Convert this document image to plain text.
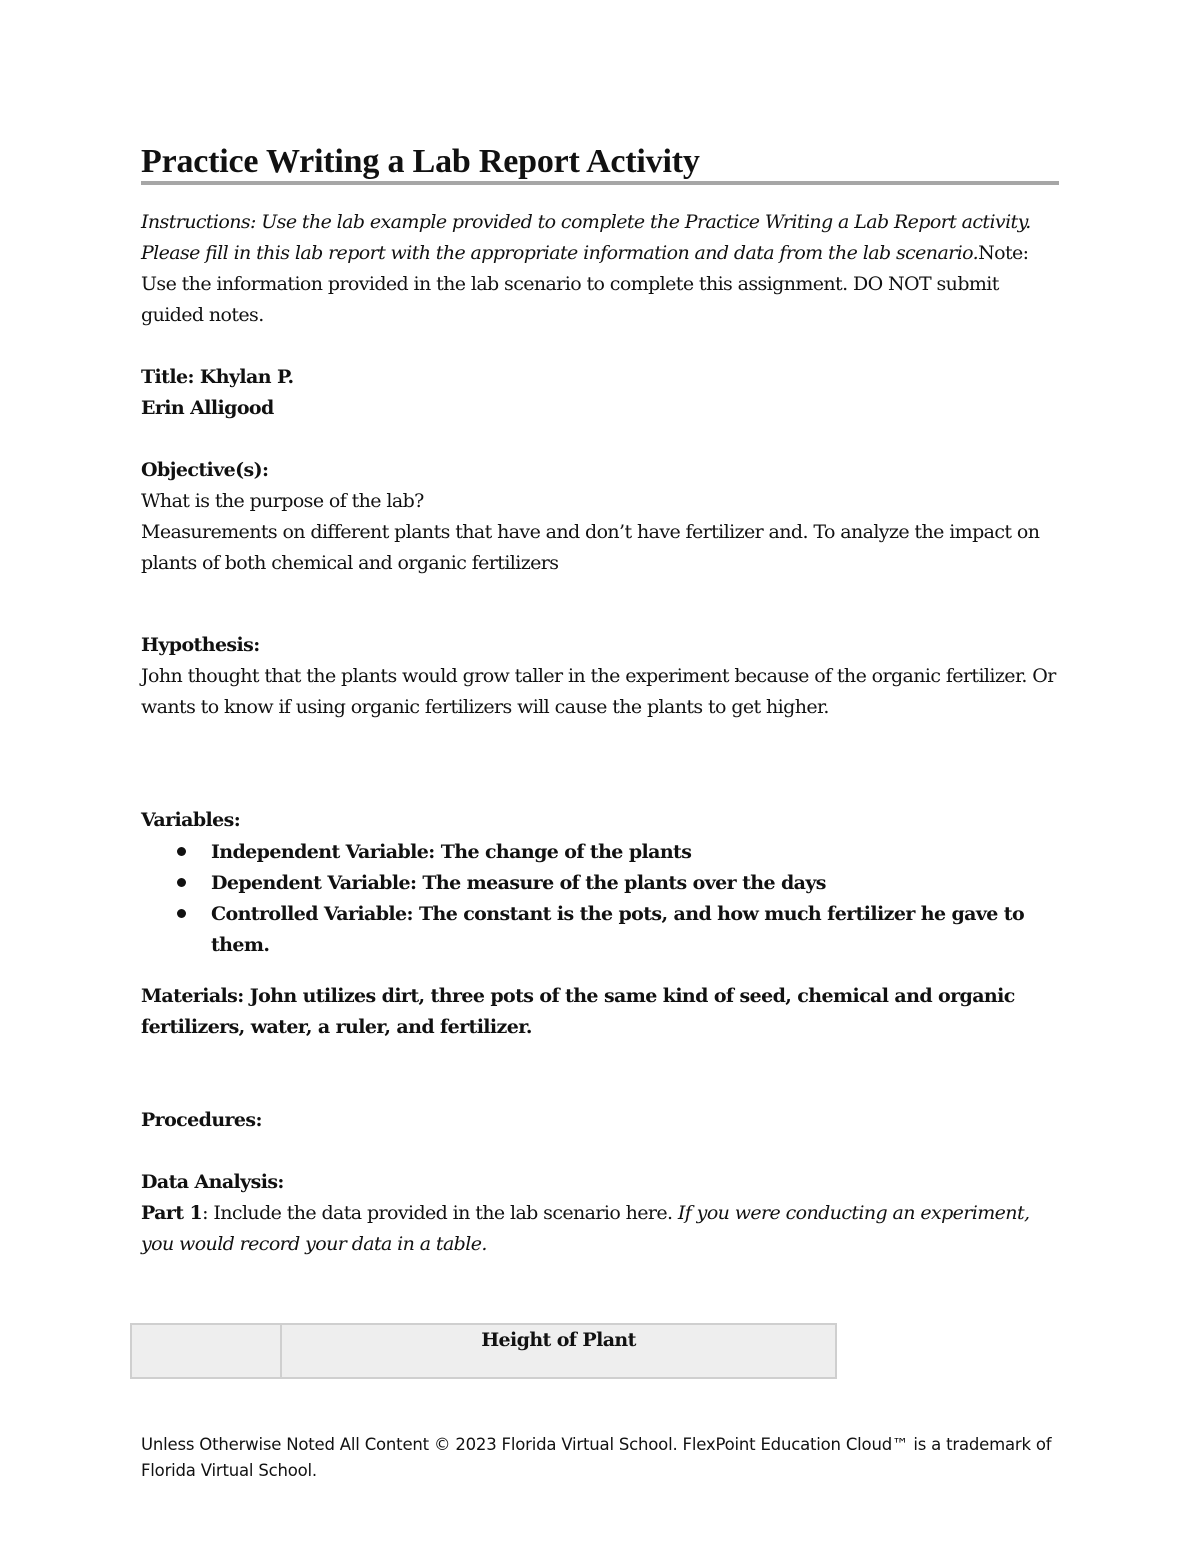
Practice Writing a Lab Report Activity

Instructions: Use the lab example provided to complete the Practice Writing a Lab Report activity. Please fill in this lab report with the appropriate information and data from the lab scenario.Note: Use the information provided in the lab scenario to complete this assignment. DO NOT submit guided notes.

Title: Khylan P.

Erin Alligood

Objective(s):

What is the purpose of the lab?

Measurements on different plants that have and don’t have fertilizer and. To analyze the impact on plants of both chemical and organic fertilizers

Hypothesis:

John thought that the plants would grow taller in the experiment because of the organic fertilizer. Or wants to know if using organic fertilizers will cause the plants to get higher.

Variables:

Independent Variable: The change of the plants
Dependent Variable: The measure of the plants over the days
Controlled Variable: The constant is the pots, and how much fertilizer he gave to them.

Materials: John utilizes dirt, three pots of the same kind of seed, chemical and organic fertilizers, water, a ruler, and fertilizer.

Procedures:

Data Analysis:

Part 1: Include the data provided in the lab scenario here. If you were conducting an experiment, you would record your data in a table.

	Height of Plant

Unless Otherwise Noted All Content © 2023 Florida Virtual School. FlexPoint Education Cloud™ is a trademark of Florida Virtual School.
